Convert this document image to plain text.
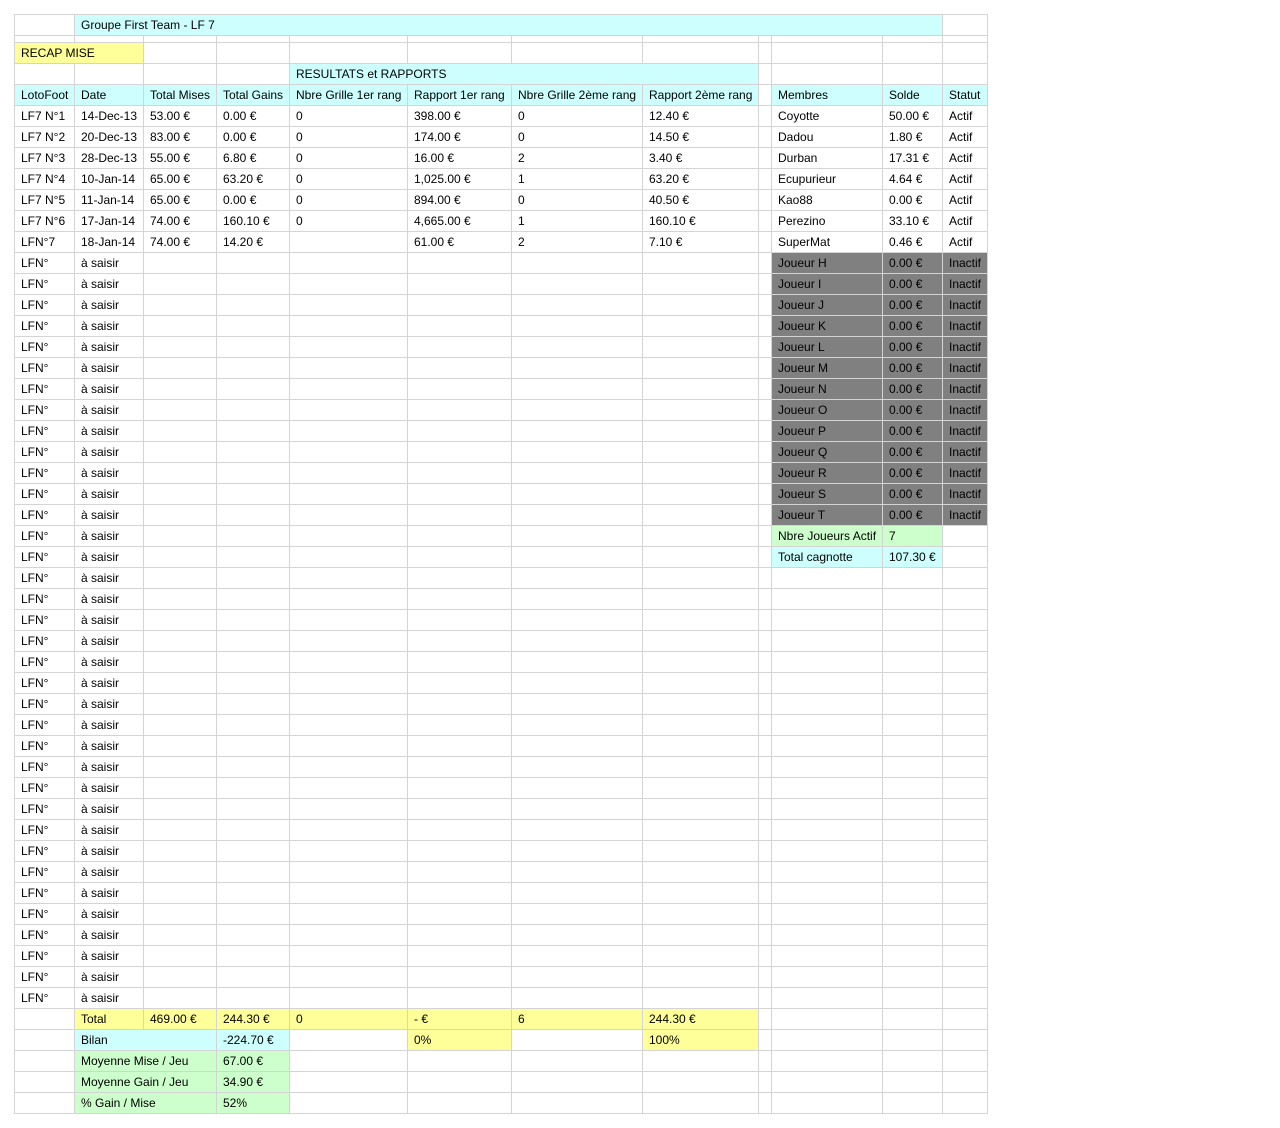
	Groupe First Team - LF 7										

RECAP MISE											
				RESULTATS et RAPPORTS							
LotoFoot	Date	Total Mises	Total Gains	Nbre Grille 1er rang	Rapport 1er rang	Nbre Grille 2ème rang	Rapport 2ème rang		Membres	Solde	Statut
LF7 N°1	14-Dec-13	53.00 €	0.00 €	0	398.00 €	0	12.40 €		Coyotte	50.00 €	Actif
LF7 N°2	20-Dec-13	83.00 €	0.00 €	0	174.00 €	0	14.50 €		Dadou	1.80 €	Actif
LF7 N°3	28-Dec-13	55.00 €	6.80 €	0	16.00 €	2	3.40 €		Durban	17.31 €	Actif
LF7 N°4	10-Jan-14	65.00 €	63.20 €	0	1,025.00 €	1	63.20 €		Ecupurieur	4.64 €	Actif
LF7 N°5	11-Jan-14	65.00 €	0.00 €	0	894.00 €	0	40.50 €		Kao88	0.00 €	Actif
LF7 N°6	17-Jan-14	74.00 €	160.10 €	0	4,665.00 €	1	160.10 €		Perezino	33.10 €	Actif
LFN°7	18-Jan-14	74.00 €	14.20 €		61.00 €	2	7.10 €		SuperMat	0.46 €	Actif
LFN°	à saisir								Joueur H	0.00 €	Inactif
LFN°	à saisir								Joueur I	0.00 €	Inactif
LFN°	à saisir								Joueur J	0.00 €	Inactif
LFN°	à saisir								Joueur K	0.00 €	Inactif
LFN°	à saisir								Joueur L	0.00 €	Inactif
LFN°	à saisir								Joueur M	0.00 €	Inactif
LFN°	à saisir								Joueur N	0.00 €	Inactif
LFN°	à saisir								Joueur O	0.00 €	Inactif
LFN°	à saisir								Joueur P	0.00 €	Inactif
LFN°	à saisir								Joueur Q	0.00 €	Inactif
LFN°	à saisir								Joueur R	0.00 €	Inactif
LFN°	à saisir								Joueur S	0.00 €	Inactif
LFN°	à saisir								Joueur T	0.00 €	Inactif
LFN°	à saisir								Nbre Joueurs Actif	7	
LFN°	à saisir								Total cagnotte	107.30 €	
LFN°	à saisir										
LFN°	à saisir										
LFN°	à saisir										
LFN°	à saisir										
LFN°	à saisir										
LFN°	à saisir										
LFN°	à saisir										
LFN°	à saisir										
LFN°	à saisir										
LFN°	à saisir										
LFN°	à saisir										
LFN°	à saisir										
LFN°	à saisir										
LFN°	à saisir										
LFN°	à saisir										
LFN°	à saisir										
LFN°	à saisir										
LFN°	à saisir										
LFN°	à saisir										
LFN°	à saisir										
LFN°	à saisir										
	Total	469.00 €	244.30 €	0	- €	6	244.30 €				
	Bilan		-224.70 €		0%		100%				
	Moyenne Mise / Jeu		67.00 €								
	Moyenne Gain / Jeu		34.90 €								
	% Gain / Mise		52%								
